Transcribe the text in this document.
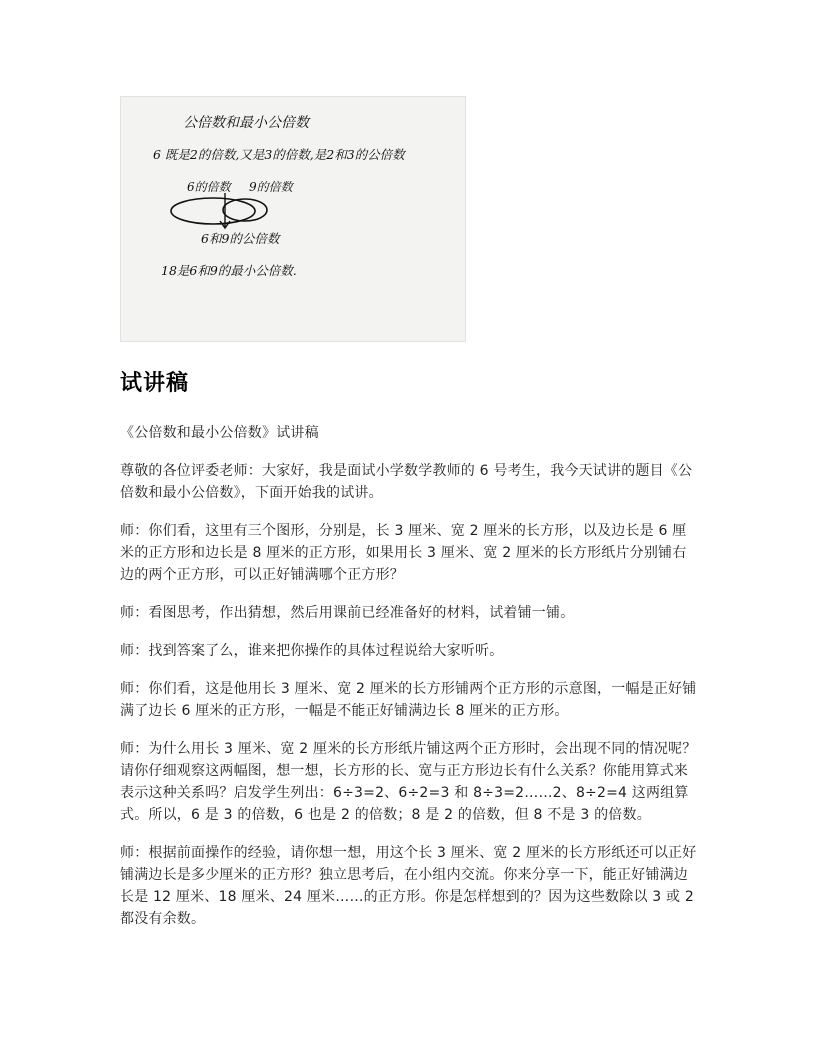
公倍数和最小公倍数
6 既是2的倍数,又是3的倍数,是2和3的公倍数
6的倍数 9的倍数
6和9的公倍数
18是6和9的最小公倍数.
试讲稿

《公倍数和最小公倍数》试讲稿

尊敬的各位评委老师：大家好，我是面试小学数学教师的 6 号考生，我今天试讲的题目《公倍数和最小公倍数》，下面开始我的试讲。

师：你们看，这里有三个图形，分别是，长 3 厘米、宽 2 厘米的长方形，以及边长是 6 厘米的正方形和边长是 8 厘米的正方形，如果用长 3 厘米、宽 2 厘米的长方形纸片分别铺右边的两个正方形，可以正好铺满哪个正方形？

师：看图思考，作出猜想，然后用课前已经准备好的材料，试着铺一铺。

师：找到答案了么，谁来把你操作的具体过程说给大家听听。

师：你们看，这是他用长 3 厘米、宽 2 厘米的长方形铺两个正方形的示意图，一幅是正好铺满了边长 6 厘米的正方形，一幅是不能正好铺满边长 8 厘米的正方形。

师：为什么用长 3 厘米、宽 2 厘米的长方形纸片铺这两个正方形时，会出现不同的情况呢？请你仔细观察这两幅图，想一想，长方形的长、宽与正方形边长有什么关系？你能用算式来表示这种关系吗？启发学生列出：6÷3=2、6÷2=3 和 8÷3=2……2、8÷2=4 这两组算式。所以，6 是 3 的倍数，6 也是 2 的倍数；8 是 2 的倍数，但 8 不是 3 的倍数。

师：根据前面操作的经验，请你想一想，用这个长 3 厘米、宽 2 厘米的长方形纸还可以正好铺满边长是多少厘米的正方形？独立思考后，在小组内交流。你来分享一下，能正好铺满边长是 12 厘米、18 厘米、24 厘米……的正方形。你是怎样想到的？因为这些数除以 3 或 2 都没有余数。
